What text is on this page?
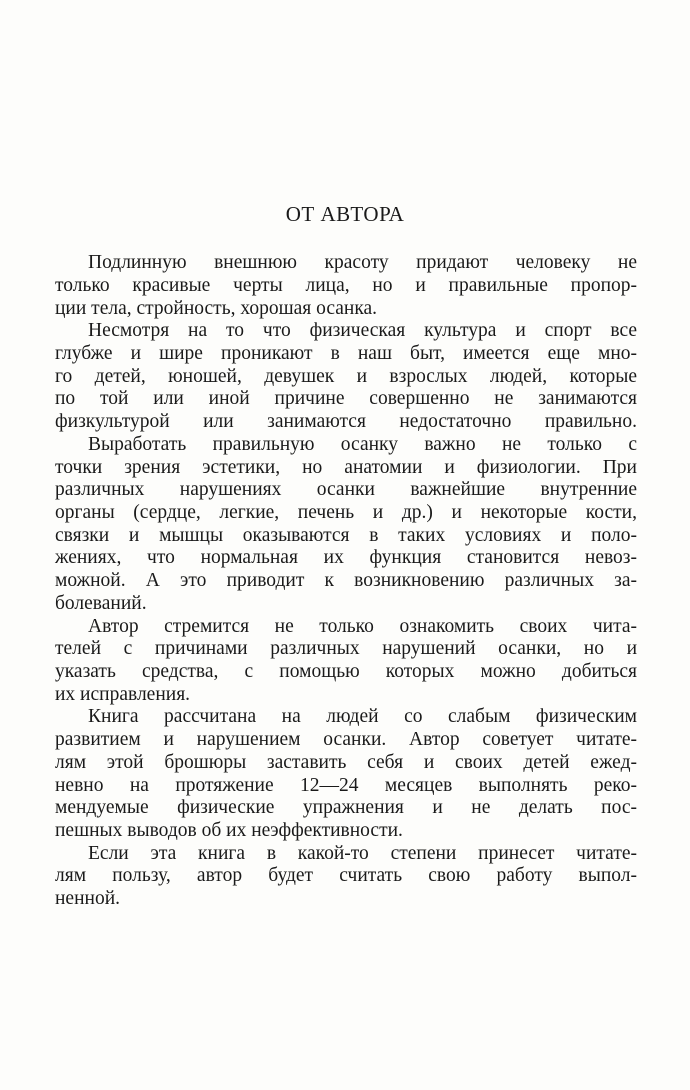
ОТ АВТОРА
Подлинную внешнюю красоту придают человеку не
только красивые черты лица, но и правильные пропор-
ции тела, стройность, хорошая осанка.
Несмотря на то что физическая культура и спорт все
глубже и шире проникают в наш быт, имеется еще мно-
го детей, юношей, девушек и взрослых людей, которые
по той или иной причине совершенно не занимаются
физкультурой или занимаются недостаточно правильно.
Выработать правильную осанку важно не только с
точки зрения эстетики, но анатомии и физиологии. При
различных нарушениях осанки важнейшие внутренние
органы (сердце, легкие, печень и др.) и некоторые кости,
связки и мышцы оказываются в таких условиях и поло-
жениях, что нормальная их функция становится невоз-
можной. А это приводит к возникновению различных за-
болеваний.
Автор стремится не только ознакомить своих чита-
телей с причинами различных нарушений осанки, но и
указать средства, с помощью которых можно добиться
их исправления.
Книга рассчитана на людей со слабым физическим
развитием и нарушением осанки. Автор советует читате-
лям этой брошюры заставить себя и своих детей ежед-
невно на протяжение 12—24 месяцев выполнять реко-
мендуемые физические упражнения и не делать пос-
пешных выводов об их неэффективности.
Если эта книга в какой-то степени принесет читате-
лям пользу, автор будет считать свою работу выпол-
ненной.
